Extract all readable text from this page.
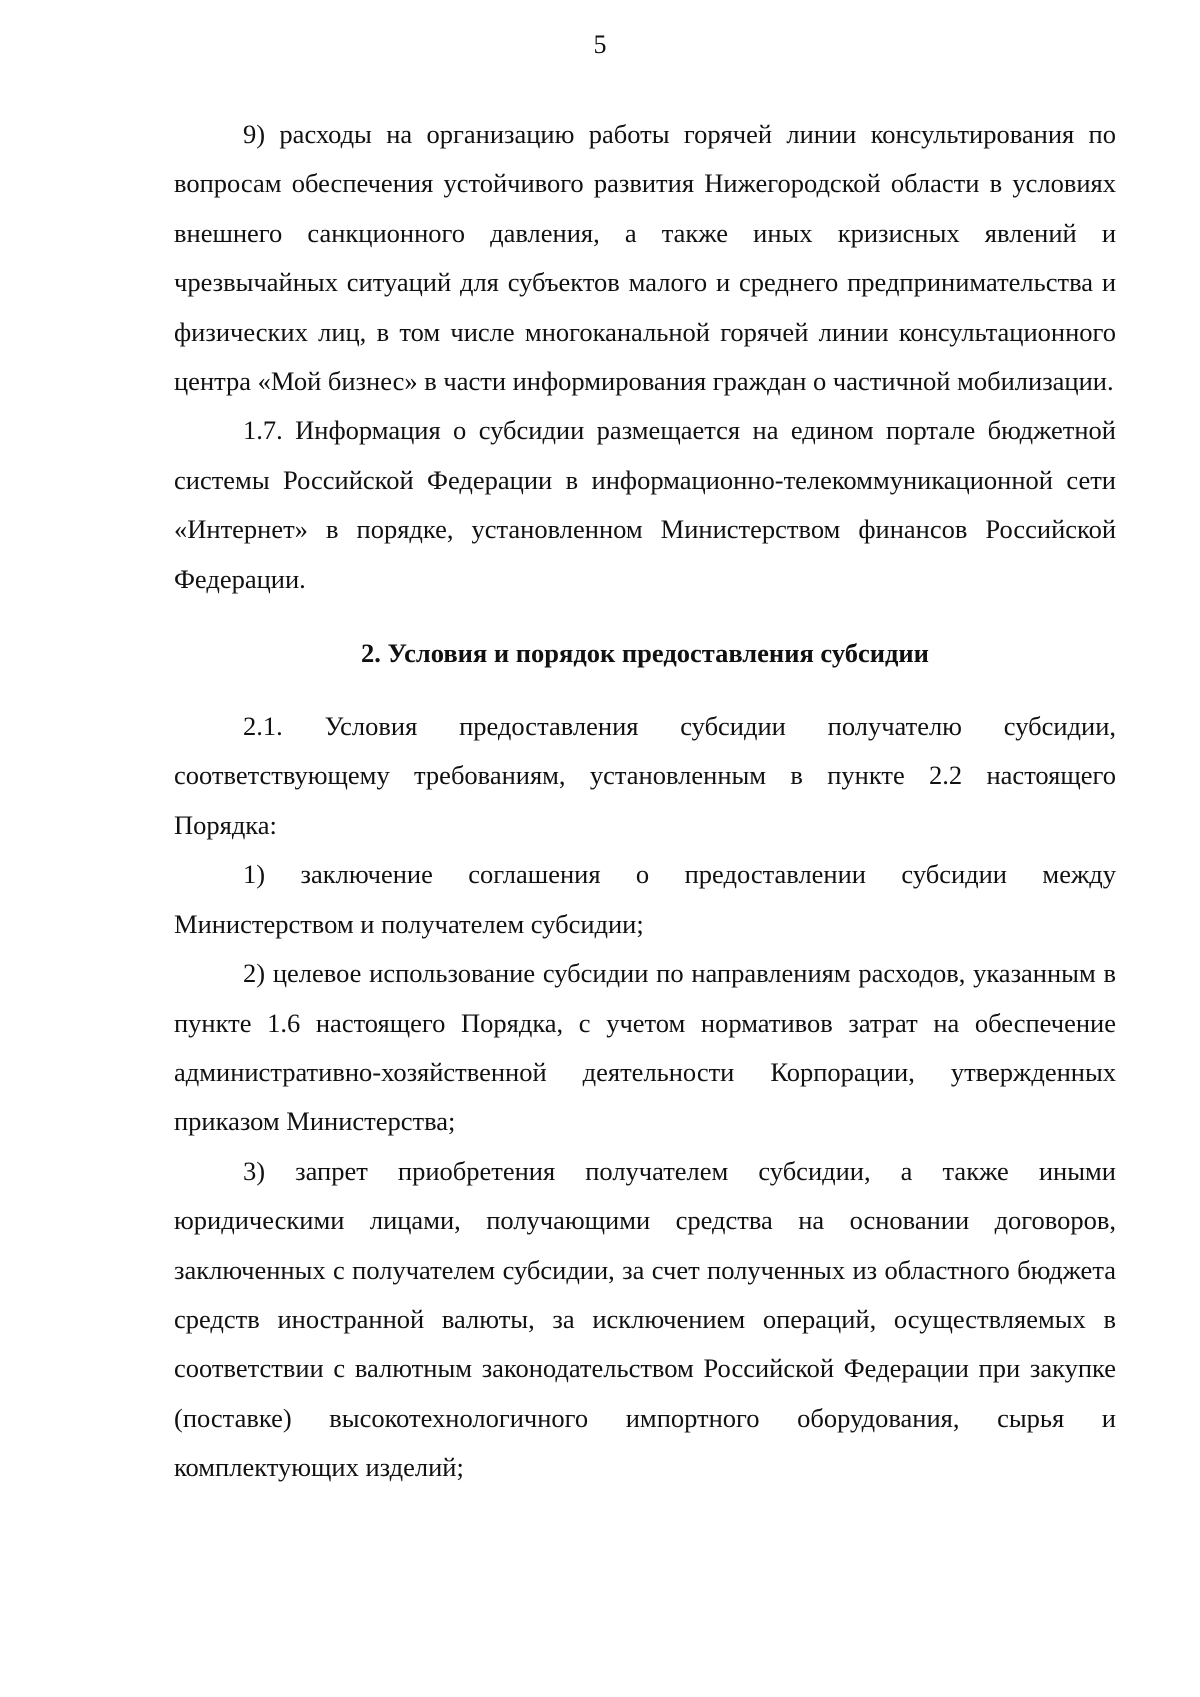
5

9) расходы на организацию работы горячей линии консультирования по вопросам обеспечения устойчивого развития Нижегородской области в условиях внешнего санкционного давления, а также иных кризисных явлений и чрезвычайных ситуаций для субъектов малого и среднего предпринимательства и физических лиц, в том числе многоканальной горячей линии консультационного центра «Мой бизнес» в части информирования граждан о частичной мобилизации.

1.7. Информация о субсидии размещается на едином портале бюджетной системы Российской Федерации в информационно-телекоммуникационной сети «Интернет» в порядке, установленном Министерством финансов Российской Федерации.

2. Условия и порядок предоставления субсидии

2.1. Условия предоставления субсидии получателю субсидии, соответствующему требованиям, установленным в пункте 2.2 настоящего Порядка:

1) заключение соглашения о предоставлении субсидии между Министерством и получателем субсидии;

2) целевое использование субсидии по направлениям расходов, указанным в пункте 1.6 настоящего Порядка, с учетом нормативов затрат на обеспечение административно-хозяйственной деятельности Корпорации, утвержденных приказом Министерства;

3) запрет приобретения получателем субсидии, а также иными юридическими лицами, получающими средства на основании договоров, заключенных с получателем субсидии, за счет полученных из областного бюджета средств иностранной валюты, за исключением операций, осуществляемых в соответствии с валютным законодательством Российской Федерации при закупке (поставке) высокотехнологичного импортного оборудования, сырья и комплектующих изделий;
